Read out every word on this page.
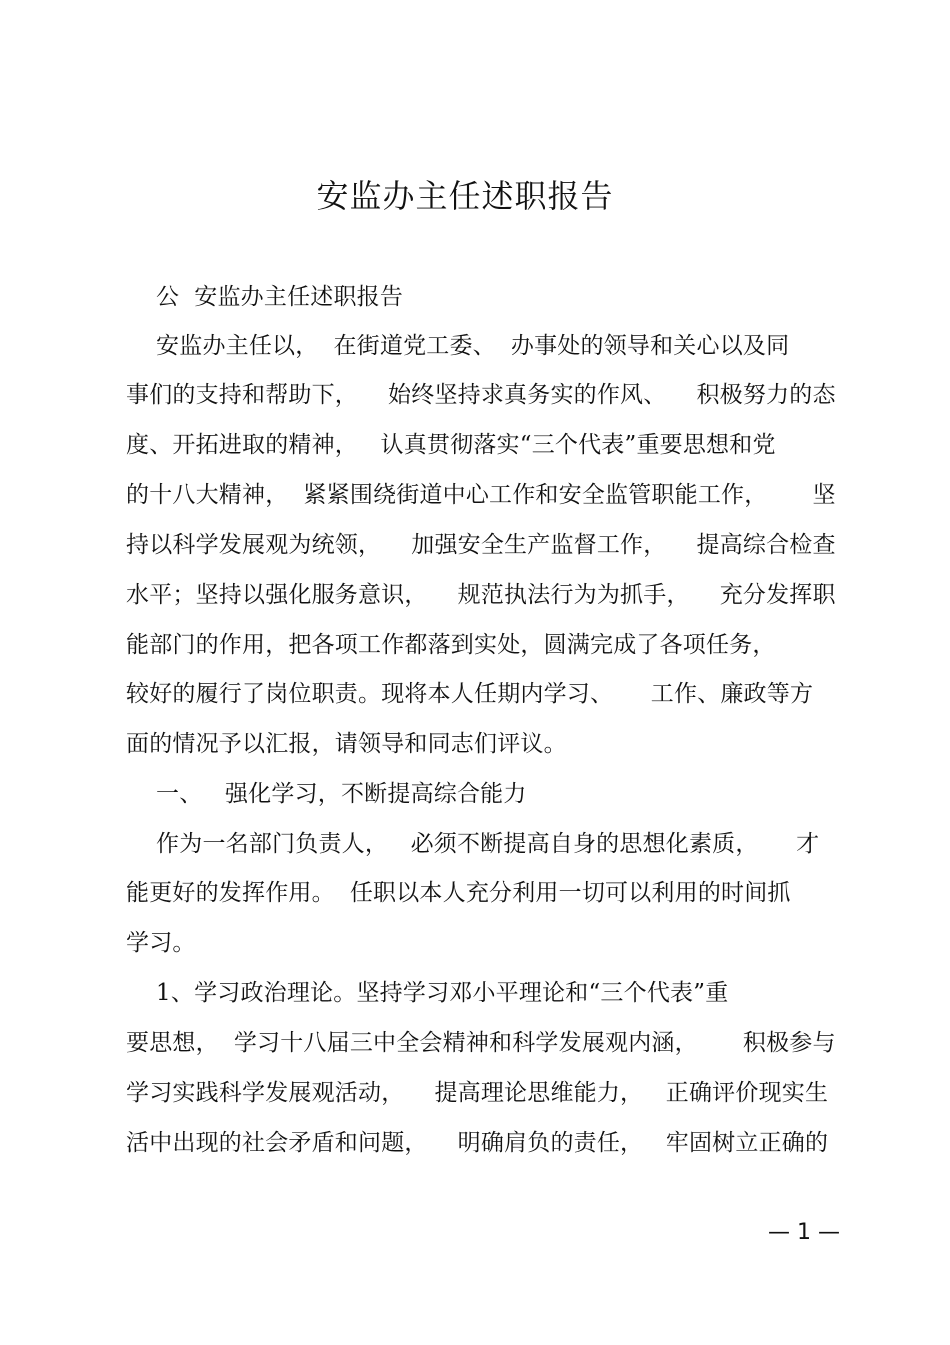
安监办主任述职报告
公  安监办主任述职报告
安监办主任以，  在街道党工委、  办事处的领导和关心以及同
事们的支持和帮助下，    始终坚持求真务实的作风、    积极努力的态
度、开拓进取的精神，   认真贯彻落实“三个代表”重要思想和党
的十八大精神，  紧紧围绕街道中心工作和安全监管职能工作，      坚
持以科学发展观为统领，    加强安全生产监督工作，    提高综合检查
水平；坚持以强化服务意识，    规范执法行为为抓手，    充分发挥职
能部门的作用，把各项工作都落到实处，圆满完成了各项任务，
较好的履行了岗位职责。现将本人任期内学习、     工作、廉政等方
面的情况予以汇报，请领导和同志们评议。
一、   强化学习，不断提高综合能力
作为一名部门负责人，   必须不断提高自身的思想化素质，     才
能更好的发挥作用。  任职以本人充分利用一切可以利用的时间抓
学习。
1、学习政治理论。坚持学习邓小平理论和“三个代表”重
要思想，  学习十八届三中全会精神和科学发展观内涵，      积极参与
学习实践科学发展观活动，    提高理论思维能力，   正确评价现实生
活中出现的社会矛盾和问题，    明确肩负的责任，   牢固树立正确的
— 1 —
